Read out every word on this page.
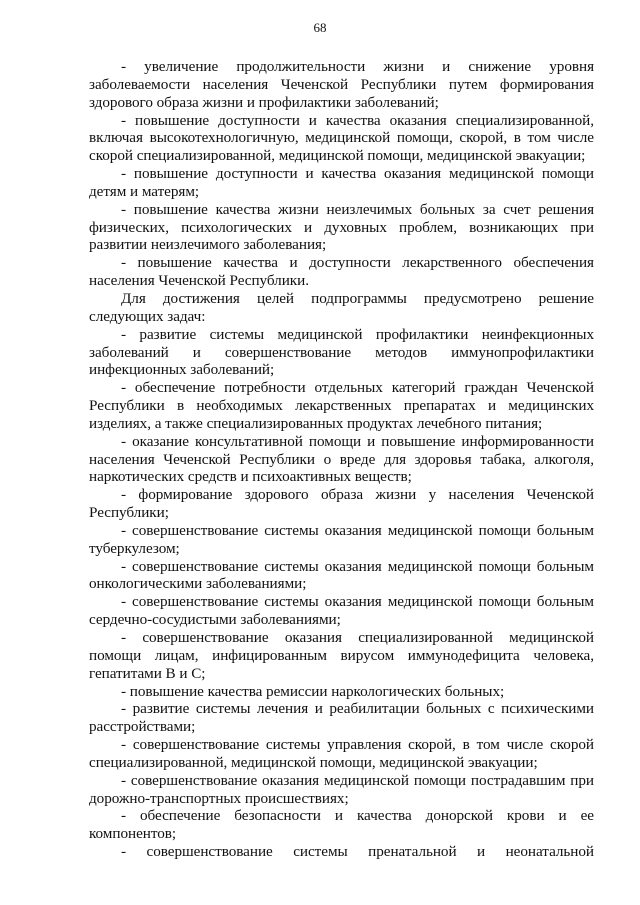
68

- увеличение продолжительности жизни и снижение уровня заболеваемости населения Чеченской Республики путем формирования здорового образа жизни и профилактики заболеваний;

- повышение доступности и качества оказания специализированной, включая высокотехнологичную, медицинской помощи, скорой, в том числе скорой специализированной, медицинской помощи, медицинской эвакуации;

- повышение доступности и качества оказания медицинской помощи детям и матерям;

- повышение качества жизни неизлечимых больных за счет решения физических, психологических и духовных проблем, возникающих при развитии неизлечимого заболевания;

- повышение качества и доступности лекарственного обеспечения населения Чеченской Республики.

Для достижения целей подпрограммы предусмотрено решение следующих задач:

- развитие системы медицинской профилактики неинфекционных заболеваний и совершенствование методов иммунопрофилактики инфекционных заболеваний;

- обеспечение потребности отдельных категорий граждан Чеченской Республики в необходимых лекарственных препаратах и медицинских изделиях, а также специализированных продуктах лечебного питания;

- оказание консультативной помощи и повышение информированности населения Чеченской Республики о вреде для здоровья табака, алкоголя, наркотических средств и психоактивных веществ;

- формирование здорового образа жизни у населения Чеченской Республики;

- совершенствование системы оказания медицинской помощи больным туберкулезом;

- совершенствование системы оказания медицинской помощи больным онкологическими заболеваниями;

- совершенствование системы оказания медицинской помощи больным сердечно-сосудистыми заболеваниями;

- совершенствование оказания специализированной медицинской помощи лицам, инфицированным вирусом иммунодефицита человека, гепатитами В и С;

- повышение качества ремиссии наркологических больных;

- развитие системы лечения и реабилитации больных с психическими расстройствами;

- совершенствование системы управления скорой, в том числе скорой специализированной, медицинской помощи, медицинской эвакуации;

- совершенствование оказания медицинской помощи пострадавшим при дорожно-транспортных происшествиях;

- обеспечение безопасности и качества донорской крови и ее компонентов;

- совершенствование системы пренатальной и неонатальной
